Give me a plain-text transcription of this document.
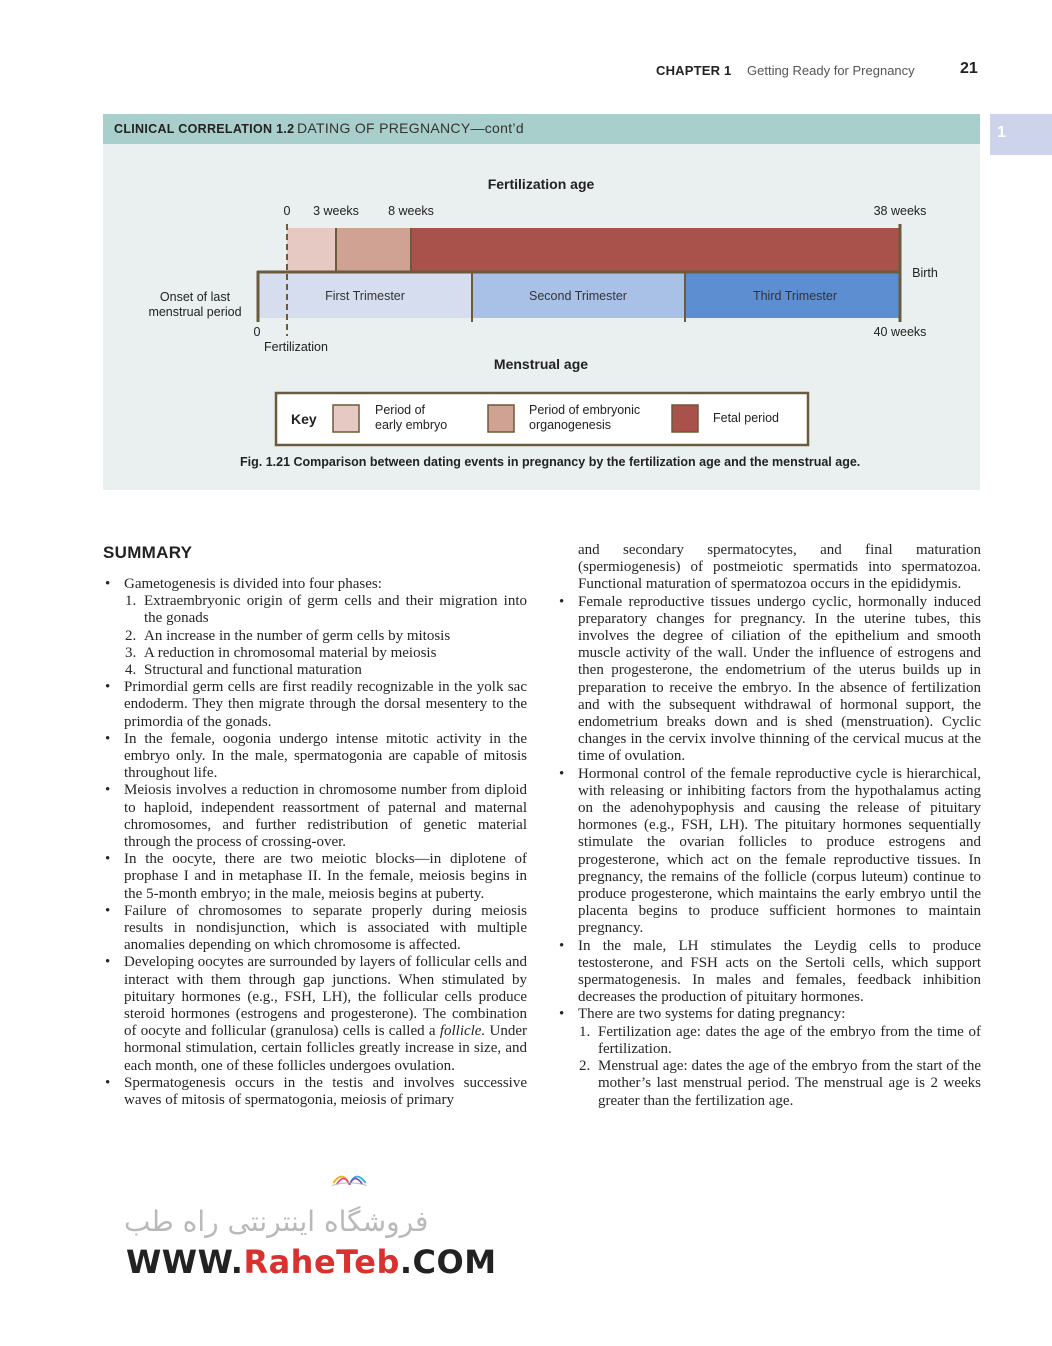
CHAPTER 1 Getting Ready for Pregnancy	21
1
CLINICAL CORRELATION 1.2 DATING OF PREGNANCY—cont’d
Fertilization age
Menstrual age
0 3 weeks 8 weeks	38 weeks
First Trimester	Second Trimester	Third Trimester
Onset of last
menstrual period
Birth
0
Fertilization
40 weeks
Key
Period of
early embryo
Period of embryonic
organogenesis	Fetal period
Fig. 1.21 Comparison between dating events in pregnancy by the fertilization age and the menstrual age.
SUMMARY
• Gametogenesis is divided into four phases:
1. Extraembryonic origin of germ cells and their migration into the gonads
2. An increase in the number of germ cells by mitosis
3. A reduction in chromosomal material by meiosis
4. Structural and functional maturation
• Primordial germ cells are first readily recognizable in the yolk sac endoderm. They then migrate through the dorsal mesentery to the primordia of the gonads.
• In the female, oogonia undergo intense mitotic activity in the embryo only. In the male, spermatogonia are capable of mitosis throughout life.
• Meiosis involves a reduction in chromosome number from diploid to haploid, independent reassortment of paternal and maternal chromosomes, and further redistribution of genetic material through the process of crossing-over.
• In the oocyte, there are two meiotic blocks—in diplotene of prophase I and in metaphase II. In the female, meiosis begins in the 5-month embryo; in the male, meiosis begins at puberty.
• Failure of chromosomes to separate properly during meiosis results in nondisjunction, which is associated with multiple anomalies depending on which chromosome is affected.
• Developing oocytes are surrounded by layers of follicular cells and interact with them through gap junctions. When stimulated by pituitary hormones (e.g., FSH, LH), the follicular cells produce steroid hormones (estrogens and progesterone). The combination of oocyte and follicular (granulosa) cells is called a follicle. Under hormonal stimulation, certain follicles greatly increase in size, and each month, one of these follicles undergoes ovulation.
• Spermatogenesis occurs in the testis and involves successive waves of mitosis of spermatogonia, meiosis of primary
and secondary spermatocytes, and final maturation (spermiogenesis) of postmeiotic spermatids into spermatozoa. Functional maturation of spermatozoa occurs in the epididymis.
• Female reproductive tissues undergo cyclic, hormonally induced preparatory changes for pregnancy. In the uterine tubes, this involves the degree of ciliation of the epithelium and smooth muscle activity of the wall. Under the influence of estrogens and then progesterone, the endometrium of the uterus builds up in preparation to receive the embryo. In the absence of fertilization and with the subsequent withdrawal of hormonal support, the endometrium breaks down and is shed (menstruation). Cyclic changes in the cervix involve thinning of the cervical mucus at the time of ovulation.
• Hormonal control of the female reproductive cycle is hierarchical, with releasing or inhibiting factors from the hypothalamus acting on the adenohypophysis and causing the release of pituitary hormones (e.g., FSH, LH). The pituitary hormones sequentially stimulate the ovarian follicles to produce estrogens and progesterone, which act on the female reproductive tissues. In pregnancy, the remains of the follicle (corpus luteum) continue to produce progesterone, which maintains the early embryo until the placenta begins to produce sufficient hormones to maintain pregnancy.
• In the male, LH stimulates the Leydig cells to produce testosterone, and FSH acts on the Sertoli cells, which support spermatogenesis. In males and females, feedback inhibition decreases the production of pituitary hormones.
• There are two systems for dating pregnancy:
1. Fertilization age: dates the age of the embryo from the time of fertilization.
2. Menstrual age: dates the age of the embryo from the start of the mother’s last menstrual period. The menstrual age is 2 weeks greater than the fertilization age.
فروشگاه اینترنتی راه طب
WWW.RaheTeb.COM
